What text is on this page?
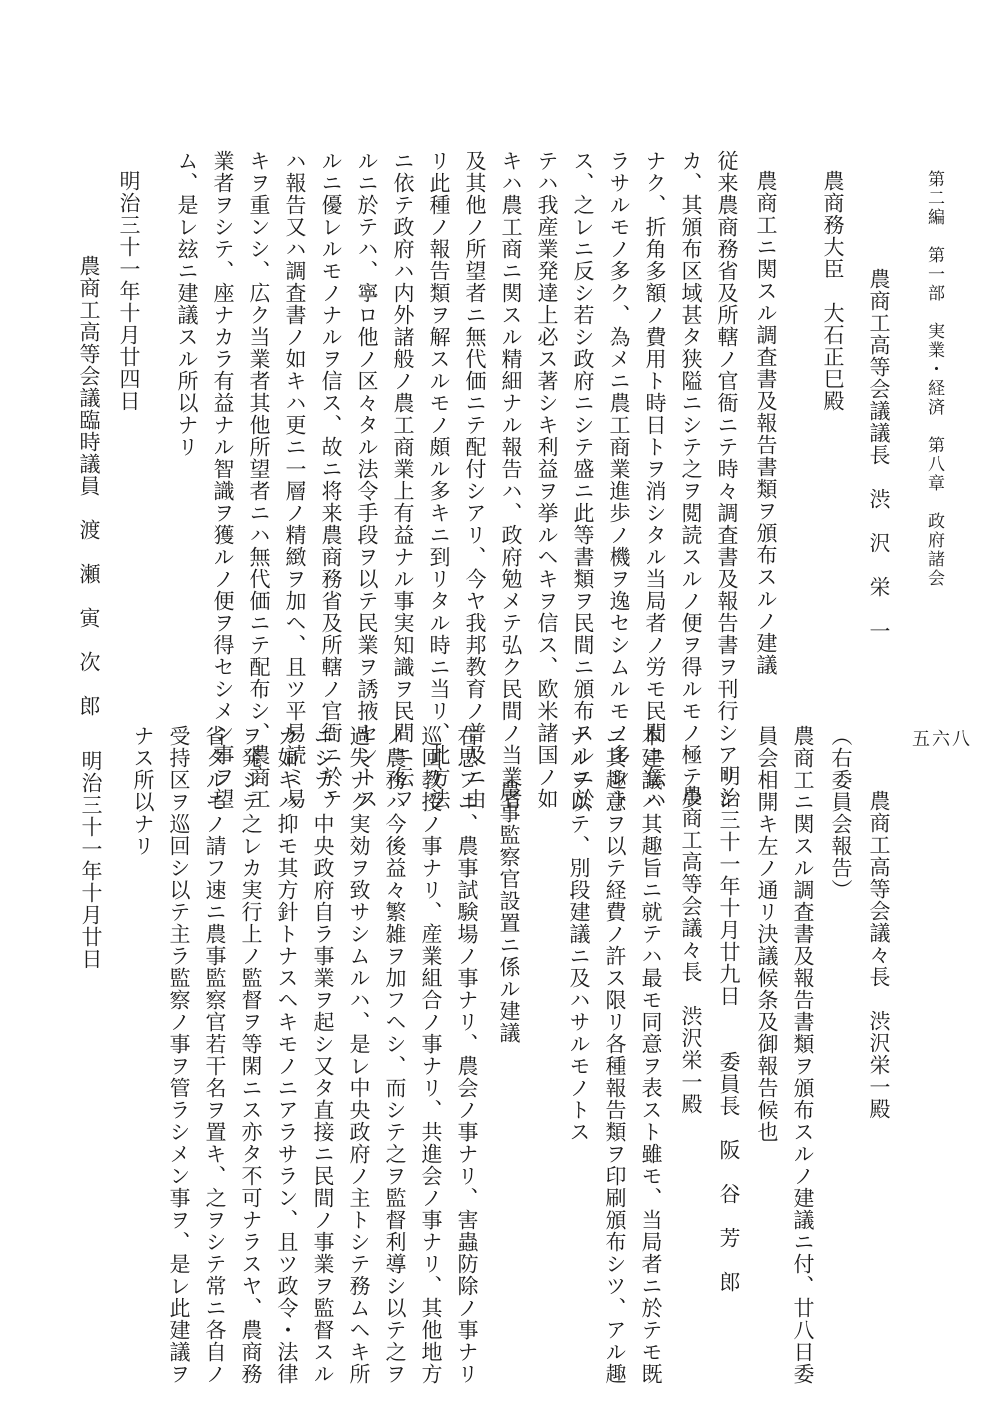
第二編　第一部　実業・経済　第八章　政府諸会
農商工高等会議議長　渋　沢　栄　一
農商務大臣　大石正巳殿
農商工ニ関スル調査書及報告書類ヲ頒布スルノ建議
従来農商務省及所轄ノ官衙ニテ時々調査書及報告書ヲ刊行シアリシ
カ、其頒布区域甚タ狭隘ニシテ之ヲ閲読スルノ便ヲ得ルモノ極テ少
ナク、折角多額ノ費用ト時日トヲ消シタル当局者ノ労モ民間ニ伝ハ
ラサルモノ多ク、為メニ農工商業進歩ノ機ヲ逸セシムルモノ多シト
ス、之レニ反シ若シ政府ニシテ盛ニ此等書類ヲ民間ニ頒布スルニ於
テハ我産業発達上必ス著シキ利益ヲ挙ルヘキヲ信ス、欧米諸国ノ如
キハ農工商ニ関スル精細ナル報告ハ、政府勉メテ弘ク民間ノ当業者
及其他ノ所望者ニ無代価ニテ配付シアリ、今ヤ我邦教育ノ普及ニ由
リ此種ノ報告類ヲ解スルモノ頗ル多キニ到リタル時ニ当リ、此方法
ニ依テ政府ハ内外諸般ノ農工商業上有益ナル事実知識ヲ民間ニ伝フ
ルニ於テハ、寧ロ他ノ区々タル法令手段ヲ以テ民業ヲ誘掖セントス
ルニ優レルモノナルヲ信ス、故ニ将来農商務省及所轄ノ官衙ニ於テ
ハ報告又ハ調査書ノ如キハ更ニ一層ノ精緻ヲ加ヘ、且ツ平易読ミ易
キヲ重ンシ、広ク当業者其他所望者ニハ無代価ニテ配布シ、農商工
業者ヲシテ、座ナカラ有益ナル智識ヲ獲ルノ便ヲ得セシメン事ヲ望
ム、是レ玆ニ建議スル所以ナリ
明治三十一年十月廿四日
農商工高等会議臨時議員　渡　瀬　寅　次　郎
農商工高等会議々長　渋沢栄一殿
（右委員会報告）
農商工ニ関スル調査書及報告書類ヲ頒布スルノ建議ニ付、廿八日委
員会相開キ左ノ通リ決議候条及御報告候也
明治三十一年十月廿九日　　委員長　阪　谷　芳　郎
農商工高等会議々長　渋沢栄一殿
本建議ハ其趣旨ニ就テハ最モ同意ヲ表スト雖モ、当局者ニ於テモ既
ニ其趣意ヲ以テ経費ノ許ス限リ各種報告類ヲ印刷頒布シツ、アル趣
ナルヲ以テ、別段建議ニ及ハサルモノトス
農事監察官設置ニ係ル建議
右思フニ、農事試験場ノ事ナリ、農会ノ事ナリ、害蟲防除ノ事ナリ
巡回教授ノ事ナリ、産業組合ノ事ナリ、共進会ノ事ナリ、其他地方
ノ農務ハ今後益々繁雑ヲ加フヘシ、而シテ之ヲ監督利導シ以テ之ヲ
過失ナク実効ヲ致サシムルハ、是レ中央政府ノ主トシテ務ムヘキ所
ニシテ、中央政府自ラ事業ヲ起シ又タ直接ニ民間ノ事業ヲ監督スル
カ如キハ抑モ其方針トナスヘキモノニアラサラン、且ツ政令・法律
ヲ発シテ之レカ実行上ノ監督ヲ等閑ニス亦タ不可ナラスヤ、農商務
省タルモノ請フ速ニ農事監察官若干名ヲ置キ、之ヲシテ常ニ各自ノ
受持区ヲ巡回シ以テ主ラ監察ノ事ヲ管ラシメン事ヲ、是レ此建議ヲ
ナス所以ナリ
明治三十一年十月廿日
五六八
